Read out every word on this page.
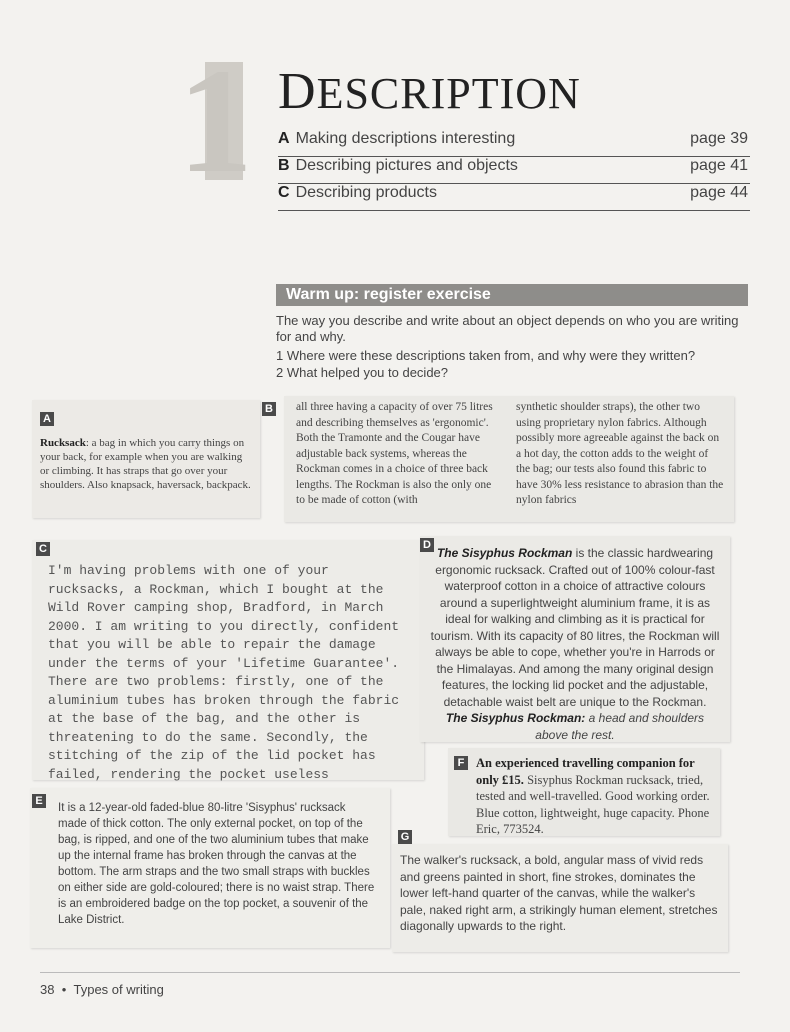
1 DESCRIPTION
A Making descriptions interesting	page 39
B Describing pictures and objects	page 41
C Describing products	page 44
Warm up: register exercise
The way you describe and write about an object depends on who you are writing for and why.
1 Where were these descriptions taken from, and why were they written?
2 What helped you to decide?
A
Rucksack: a bag in which you carry things on your back, for example when you are walking or climbing. It has straps that go over your shoulders. Also knapsack, haversack, backpack.
B all three having a capacity of over 75 litres and describing themselves as 'ergonomic'. Both the Tramonte and the Cougar have adjustable back systems, whereas the Rockman comes in a choice of three back lengths. The Rockman is also the only one to be made of cotton (with
synthetic shoulder straps), the other two using proprietary nylon fabrics. Although possibly more agreeable against the back on a hot day, the cotton adds to the weight of the bag; our tests also found this fabric to have 30% less resistance to abrasion than the nylon fabrics
C
I'm having problems with one of your rucksacks, a Rockman, which I bought at the Wild Rover camping shop, Bradford, in March 2000. I am writing to you directly, confident that you will be able to repair the damage under the terms of your 'Lifetime Guarantee'. There are two problems: firstly, one of the aluminium tubes has broken through the fabric at the base of the bag, and the other is threatening to do the same. Secondly, the stitching of the zip of the lid pocket has failed, rendering the pocket useless
D
The Sisyphus Rockman is the classic hardwearing ergonomic rucksack. Crafted out of 100% colour-fast waterproof cotton in a choice of attractive colours around a superlightweight aluminium frame, it is as ideal for walking and climbing as it is practical for tourism. With its capacity of 80 litres, the Rockman will always be able to cope, whether you're in Harrods or the Himalayas. And among the many original design features, the locking lid pocket and the adjustable, detachable waist belt are unique to the Rockman.
The Sisyphus Rockman: a head and shoulders above the rest.
E
It is a 12-year-old faded-blue 80-litre 'Sisyphus' rucksack made of thick cotton. The only external pocket, on top of the bag, is ripped, and one of the two aluminium tubes that make up the internal frame has broken through the canvas at the bottom. The arm straps and the two small straps with buckles on either side are gold-coloured; there is no waist strap. There is an embroidered badge on the top pocket, a souvenir of the Lake District.
F An experienced travelling companion for only £15. Sisyphus Rockman rucksack, tried, tested and well-travelled. Good working order. Blue cotton, lightweight, huge capacity. Phone Eric, 773524.
G
The walker's rucksack, a bold, angular mass of vivid reds and greens painted in short, fine strokes, dominates the lower left-hand quarter of the canvas, while the walker's pale, naked right arm, a strikingly human element, stretches diagonally upwards to the right.
38 • Types of writing
